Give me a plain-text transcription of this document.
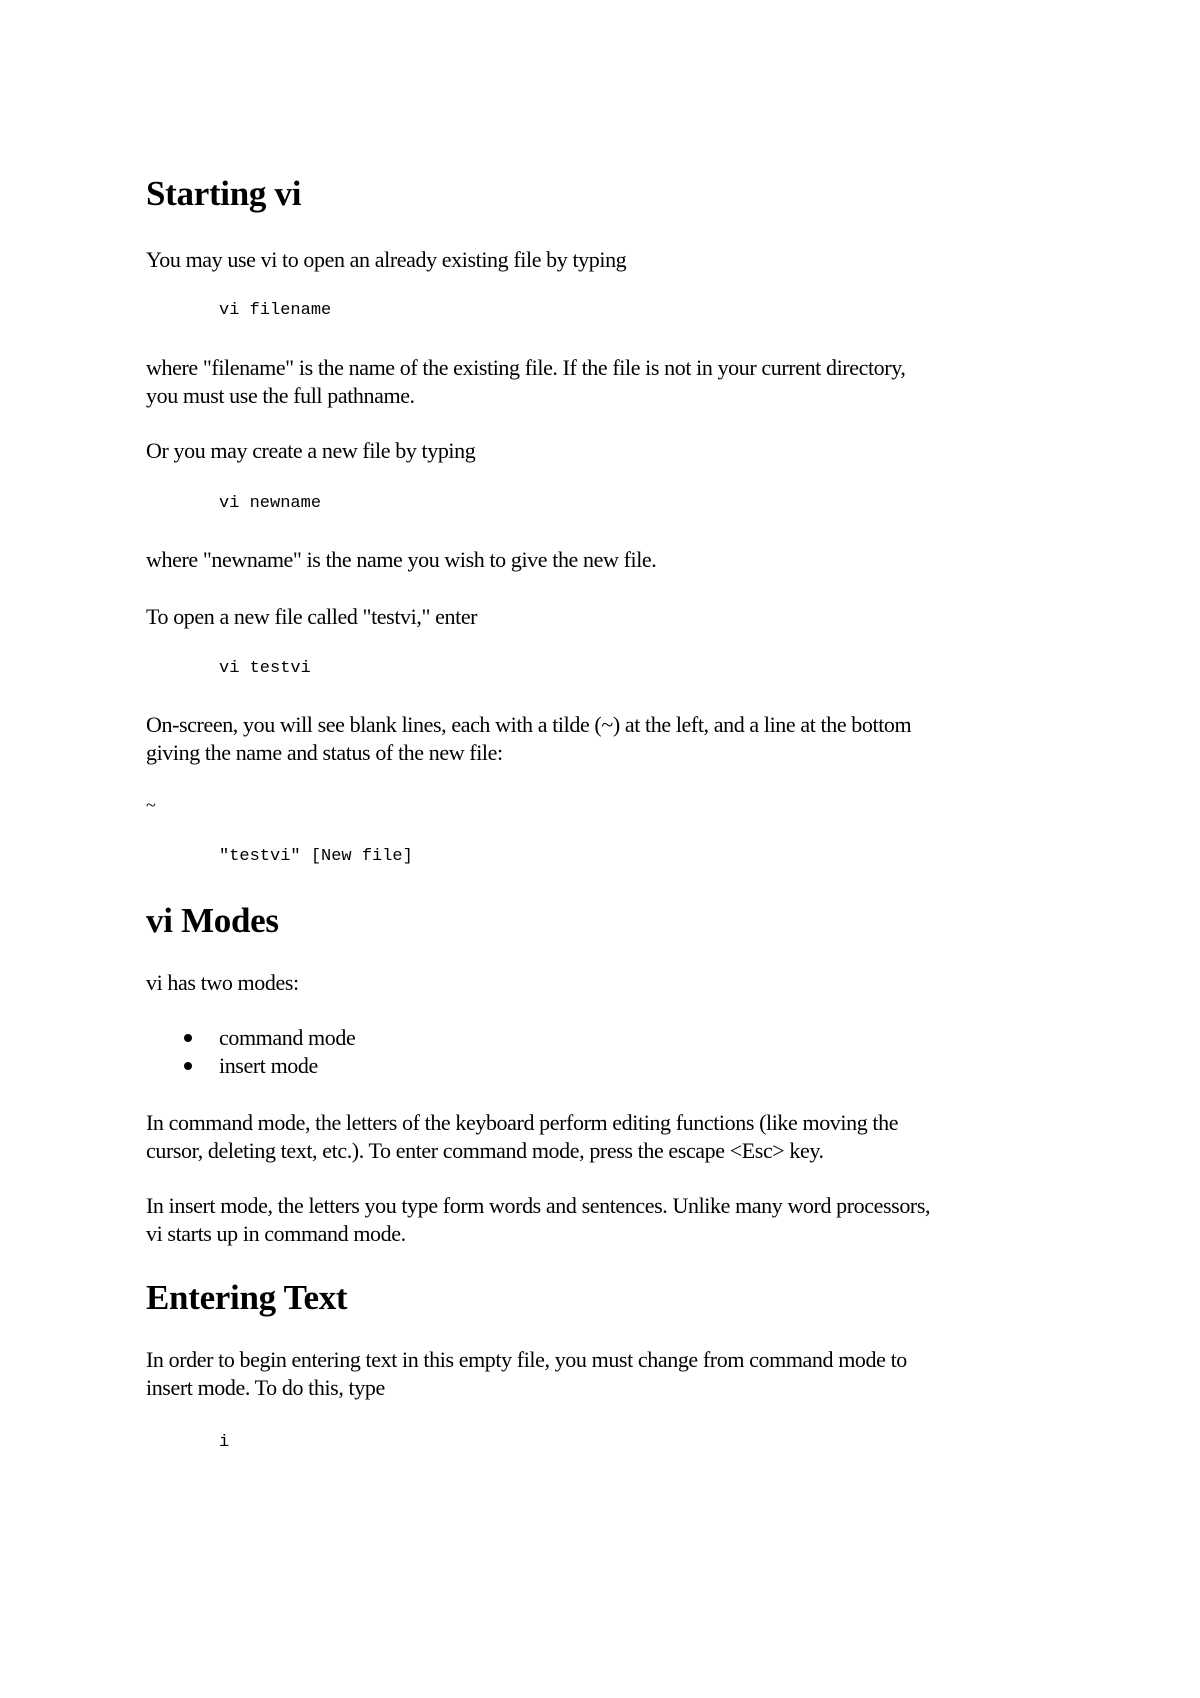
Starting vi

You may use vi to open an already existing file by typing

vi filename

where "filename" is the name of the existing file. If the file is not in your current directory,

you must use the full pathname.

Or you may create a new file by typing

vi newname

where "newname" is the name you wish to give the new file.

To open a new file called "testvi," enter

vi testvi

On-screen, you will see blank lines, each with a tilde (~) at the left, and a line at the bottom

giving the name and status of the new file:

~
"testvi" [New file]
vi Modes

vi has two modes:

command mode
insert mode

In command mode, the letters of the keyboard perform editing functions (like moving the

cursor, deleting text, etc.). To enter command mode, press the escape <Esc> key.

In insert mode, the letters you type form words and sentences. Unlike many word processors,

vi starts up in command mode.

Entering Text

In order to begin entering text in this empty file, you must change from command mode to

insert mode. To do this, type

i
